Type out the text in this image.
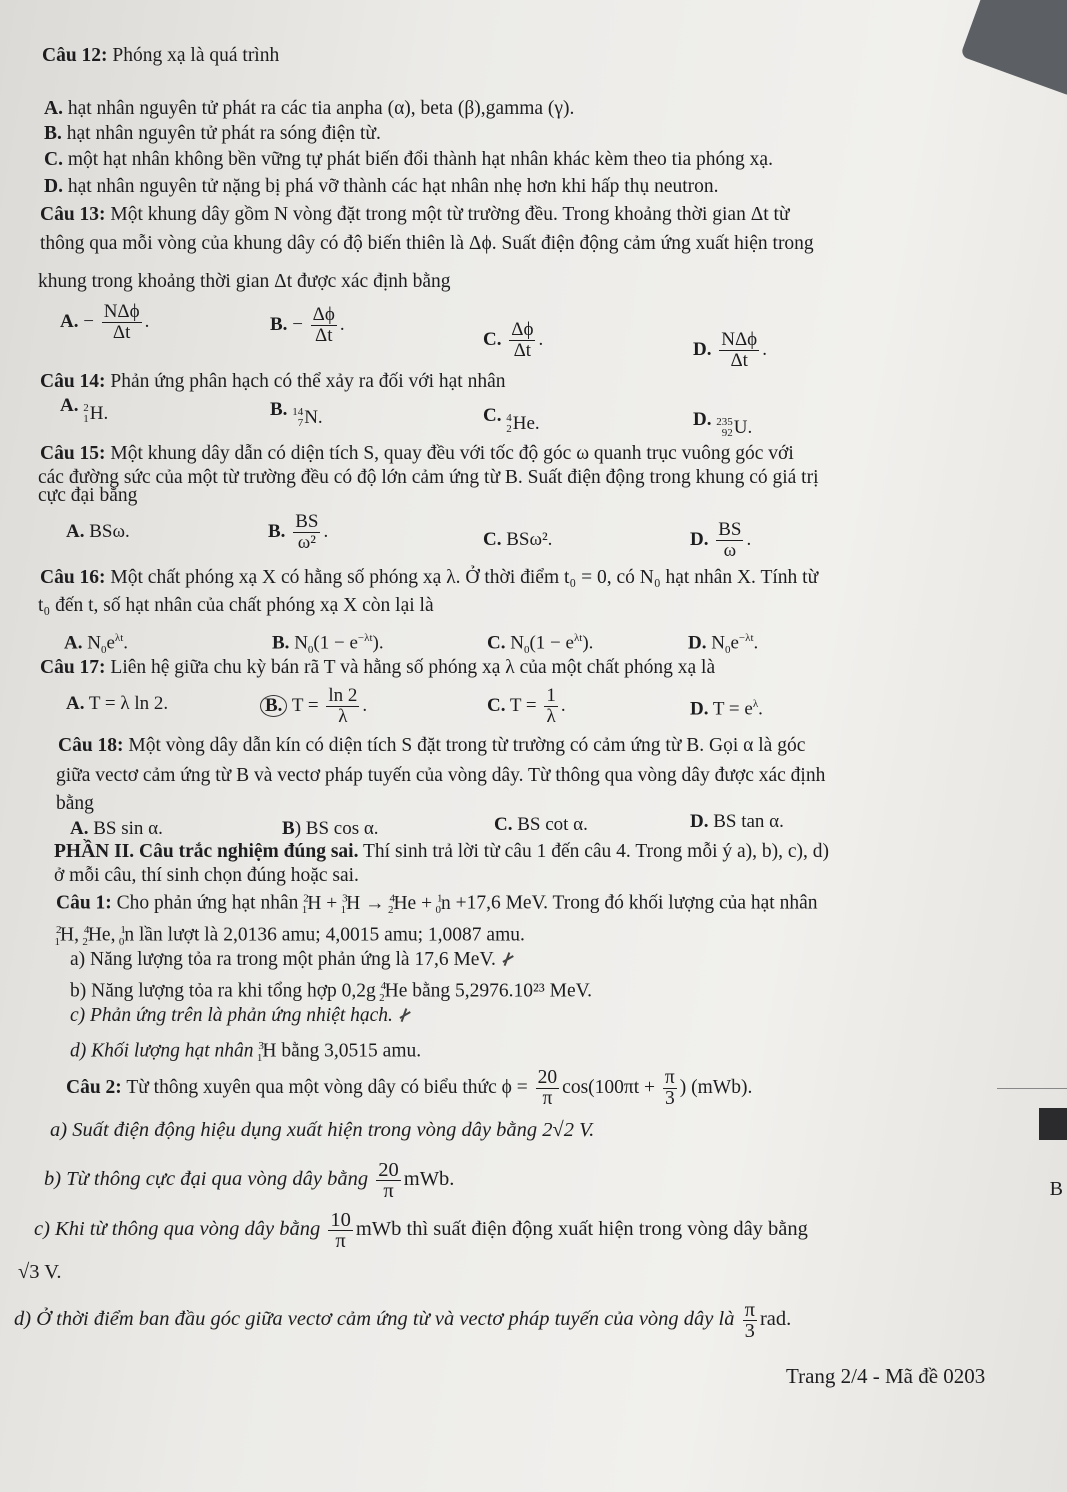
B
Câu 12: Phóng xạ là quá trình
A. hạt nhân nguyên tử phát ra các tia anpha (α), beta (β),gamma (γ).
B. hạt nhân nguyên tử phát ra sóng điện từ.
C. một hạt nhân không bền vững tự phát biến đổi thành hạt nhân khác kèm theo tia phóng xạ.
D. hạt nhân nguyên tử nặng bị phá vỡ thành các hạt nhân nhẹ hơn khi hấp thụ neutron.
Câu 13: Một khung dây gồm N vòng đặt trong một từ trường đều. Trong khoảng thời gian Δt từ
thông qua mỗi vòng của khung dây có độ biến thiên là Δϕ. Suất điện động cảm ứng xuất hiện trong
khung trong khoảng thời gian Δt được xác định bằng
A. − $\frac{\text{NΔϕ}}{\Delta t}$ .	B. − $\frac{\Delta\phi}{\Delta t}$ .
C. $\frac{\Delta\phi}{\Delta t}$ .	D. $\frac{\text{NΔϕ}}{\Delta t}$ .
Câu 14: Phản ứng phân hạch có thể xảy ra đối với hạt nhân
A. 2
1 H.	B. 14
7 N.	C. 4
2 He.	D. 235
92 U.
Câu 15: Một khung dây dẫn có diện tích S, quay đều với tốc độ góc ω quanh trục vuông góc với
các đường sức của một từ trường đều có độ lớn cảm ứng từ B. Suất điện động trong khung có giá trị
cực đại bằng
A. BSω.	B. $\frac{BS}{\text{ω²}}$ .	C. BSω².	D. $\frac{BS}{\omega}$ .
Câu 16: Một chất phóng xạ X có hằng số phóng xạ λ. Ở thời điểm t₀ = 0, có N₀ hạt nhân X. Tính từ
t₀ đến t, số hạt nhân của chất phóng xạ X còn lại là
A. $N_0e^{\lambda t}$.	B. $N_0(1 - e^{-\lambda t})$.	C. $N_0(1 - e^{\lambda t})$.	D. $N_0e^{-\lambda t}$.
Câu 17: Liên hệ giữa chu kỳ bán rã T và hằng số phóng xạ λ của một chất phóng xạ là
A. T = λ ln 2.	B. $T = \frac{\ln 2}{\lambda}$ .	C. $T = \frac{1}{\lambda}$ .	D. $T = e^\lambda$.
Câu 18: Một vòng dây dẫn kín có diện tích S đặt trong từ trường có cảm ứng từ B. Gọi α là góc
giữa vectơ cảm ứng từ B và vectơ pháp tuyến của vòng dây. Từ thông qua vòng dây được xác định
bằng
A. BS sin α.	B) BS cos α.	C. BS cot α.	D. BS tan α.
PHẦN II. Câu trắc nghiệm đúng sai. Thí sinh trả lời từ câu 1 đến câu 4. Trong mỗi ý a), b), c), d)
ở mỗi câu, thí sinh chọn đúng hoặc sai.
Câu 1: Cho phản ứng hạt nhân $^2_1$H + $^3_1$H → $^4_2$He + $^1_0$n +17,6 MeV. Trong đó khối lượng của hạt nhân
$^2_1$H, $^4_2$He, $^1_0$n lần lượt là 2,0136 amu; 4,0015 amu; 1,0087 amu.
a) Năng lượng tỏa ra trong một phản ứng là 17,6 MeV.
b) Năng lượng tỏa ra khi tổng hợp 0,2g $^4_2$He bằng 5,2976.10²³ MeV.
c) Phản ứng trên là phản ứng nhiệt hạch.
d) Khối lượng hạt nhân $^3_1$H bằng 3,0515 amu.
Câu 2: Từ thông xuyên qua một vòng dây có biểu thức $\phi = \frac{20}{\pi} \cos(100\pi t + \frac{\pi}{3}$ ) (mWb).
a) Suất điện động hiệu dụng xuất hiện trong vòng dây bằng 2√2 V.
b) Từ thông cực đại qua vòng dây bằng $\frac{20}{\pi}$ mWb.
c) Khi từ thông qua vòng dây bằng $\frac{10}{\pi}$ mWb thì suất điện động xuất hiện trong vòng dây bằng
√3 V.
d) Ở thời điểm ban đầu góc giữa vectơ cảm ứng từ và vectơ pháp tuyến của vòng dây là $\frac{\pi}{3}$ rad.
Trang 2/4 - Mã đề 0203
